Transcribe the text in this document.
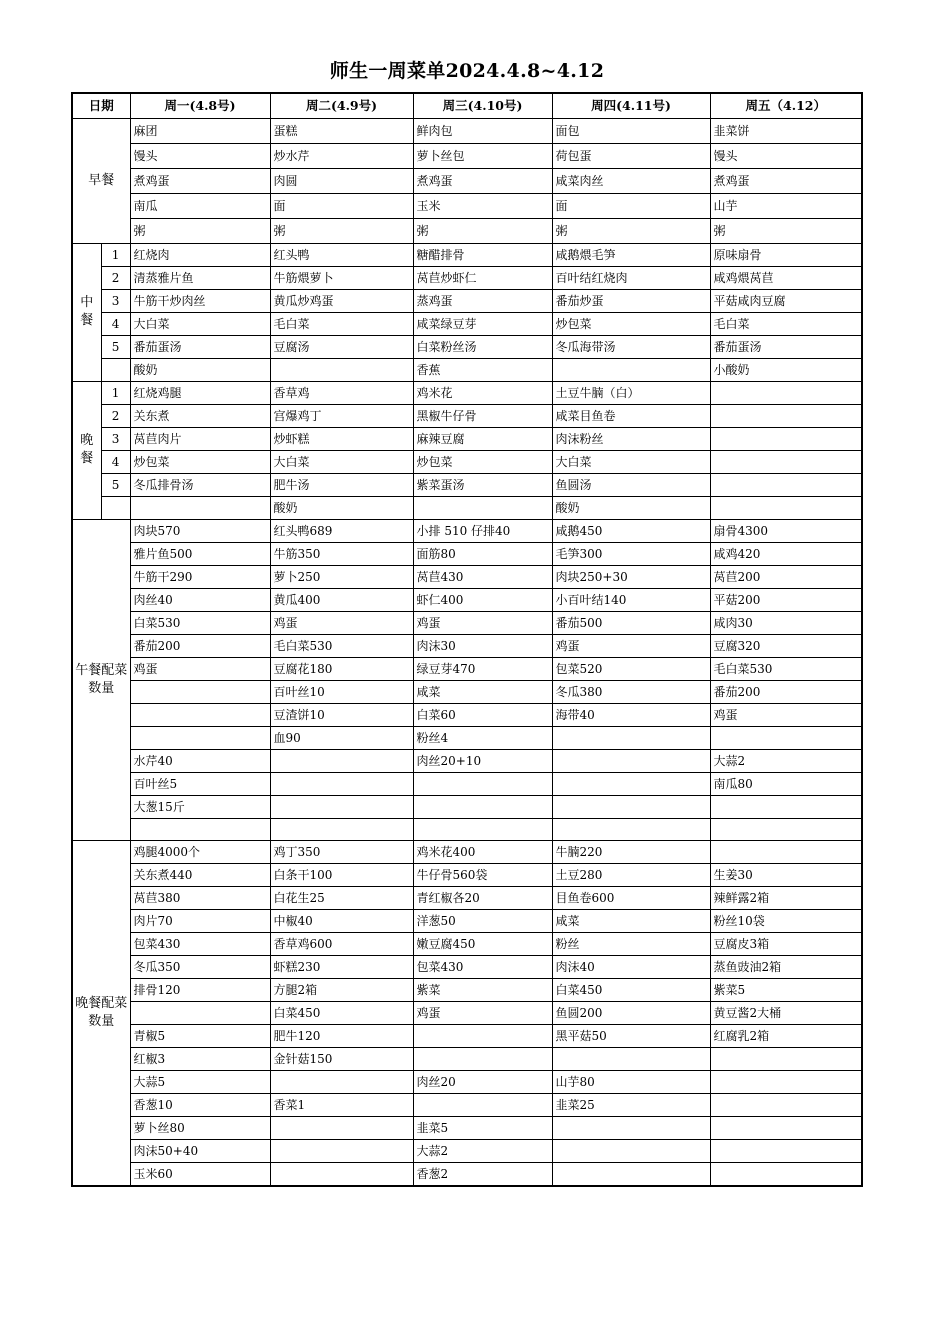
师生一周菜单2024.4.8~4.12
日期		周一(4.8号)	周二(4.9号)	周三(4.10号)	周四(4.11号)	周五（4.12）
早餐		麻团	蛋糕	鲜肉包	面包	韭菜饼
		馒头	炒水芹	萝卜丝包	荷包蛋	馒头
		煮鸡蛋	肉圆	煮鸡蛋	咸菜肉丝	煮鸡蛋
		南瓜	面	玉米	面	山芋
		粥	粥	粥	粥	粥
中餐	1	红烧肉	红头鸭	糖醋排骨	咸鹅煨毛笋	原味扇骨
	2	清蒸雅片鱼	牛筋煨萝卜	莴苣炒虾仁	百叶结红烧肉	咸鸡煨莴苣
	3	牛筋干炒肉丝	黄瓜炒鸡蛋	蒸鸡蛋	番茄炒蛋	平菇咸肉豆腐
	4	大白菜	毛白菜	咸菜绿豆芽	炒包菜	毛白菜
	5	番茄蛋汤	豆腐汤	白菜粉丝汤	冬瓜海带汤	番茄蛋汤
		酸奶		香蕉		小酸奶
晚餐	1	红烧鸡腿	香草鸡	鸡米花	土豆牛腩（白）	
	2	关东煮	宫爆鸡丁	黑椒牛仔骨	咸菜目鱼卷	
	3	莴苣肉片	炒虾糕	麻辣豆腐	肉沫粉丝	
	4	炒包菜	大白菜	炒包菜	大白菜	
	5	冬瓜排骨汤	肥牛汤	紫菜蛋汤	鱼圆汤	
			酸奶		酸奶	
午餐配菜数量		肉块570	红头鸭689	小排 510 仔排40	咸鹅450	扇骨4300
		雅片鱼500	牛筋350	面筋80	毛笋300	咸鸡420
		牛筋干290	萝卜250	莴苣430	肉块250+30	莴苣200
		肉丝40	黄瓜400	虾仁400	小百叶结140	平菇200
		白菜530	鸡蛋	鸡蛋	番茄500	咸肉30
		番茄200	毛白菜530	肉沫30	鸡蛋	豆腐320
		鸡蛋	豆腐花180	绿豆芽470	包菜520	毛白菜530
			百叶丝10	咸菜	冬瓜380	番茄200
			豆渣饼10	白菜60	海带40	鸡蛋
			血90	粉丝4		
		水芹40		肉丝20+10		大蒜2
		百叶丝5				南瓜80
		大葱15斤				

晚餐配菜数量		鸡腿4000个	鸡丁350	鸡米花400	牛腩220	
		关东煮440	白条干100	牛仔骨560袋	土豆280	生姜30
		莴苣380	白花生25	青红椒各20	目鱼卷600	辣鲜露2箱
		肉片70	中椒40	洋葱50	咸菜	粉丝10袋
		包菜430	香草鸡600	嫩豆腐450	粉丝	豆腐皮3箱
		冬瓜350	虾糕230	包菜430	肉沫40	蒸鱼豉油2箱
		排骨120	方腿2箱	紫菜	白菜450	紫菜5
			白菜450	鸡蛋	鱼圆200	黄豆酱2大桶
		青椒5	肥牛120		黑平菇50	红腐乳2箱
		红椒3	金针菇150			
		大蒜5		肉丝20	山芋80	
		香葱10	香菜1		韭菜25	
		萝卜丝80		韭菜5		
		肉沫50+40		大蒜2		
		玉米60		香葱2		
